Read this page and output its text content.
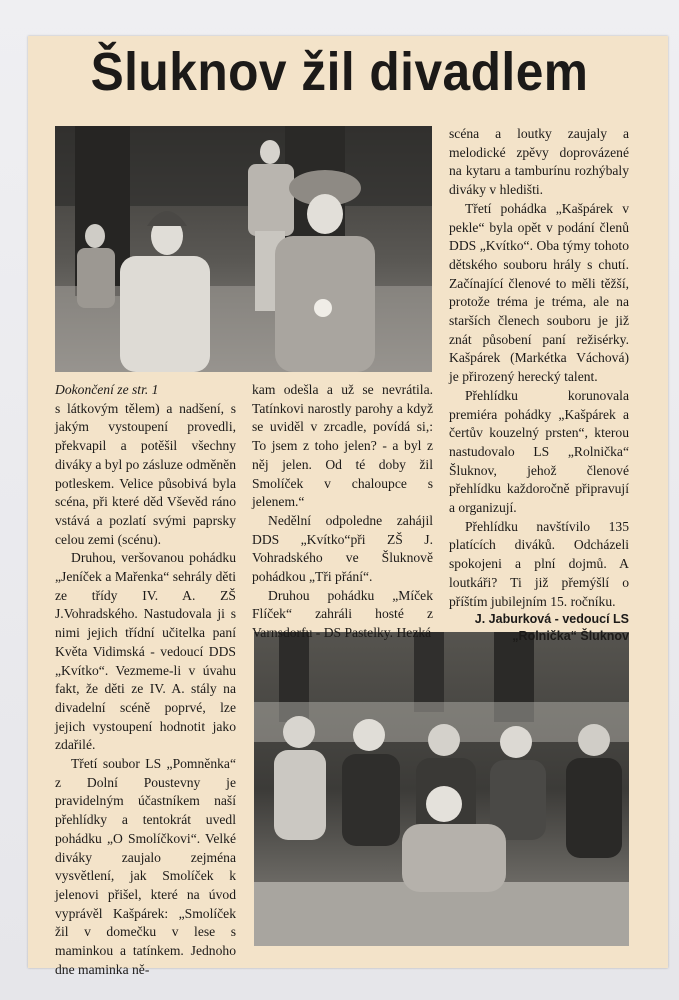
Šluknov žil divadlem

Dokončení ze str. 1

s látkovým tělem) a nadšení, s jakým vystoupení provedli, překvapil a potěšil všechny diváky a byl po zásluze odměněn potleskem. Velice působivá byla scéna, při které děd Vševěd ráno vstává a pozlatí svými paprsky celou zemi (scénu).

Druhou, veršovanou pohádku „Jeníček a Mařenka“ sehrály děti ze třídy IV. A. ZŠ J.Vohradského. Nastudovala ji s nimi jejich třídní učitelka paní Květa Vidimská - vedoucí DDS „Kvítko“. Vezmeme-li v úvahu fakt, že děti ze IV. A. stály na divadelní scéně poprvé, lze jejich vystoupení hodnotit jako zdařilé.

Třetí soubor LS „Pomněnka“ z Dolní Poustevny je pravidelným účastníkem naší přehlídky a tentokrát uvedl pohádku „O Smolíčkovi“. Velké diváky zaujalo zejména vysvětlení, jak Smolíček k jelenovi přišel, které na úvod vyprávěl Kašpárek: „Smolíček žil v domečku v lese s maminkou a tatínkem. Jednoho dne maminka ně-

kam odešla a už se nevrátila. Tatínkovi narostly parohy a když se uviděl v zrcadle, povídá si,: To jsem z toho jelen? - a byl z něj jelen. Od té doby žil Smolíček v chaloupce s jelenem.“

Nedělní odpoledne zahájil DDS „Kvítko“při ZŠ J. Vohradského ve Šluknově pohádkou „Tři přání“.

Druhou pohádku „Míček Flíček“ zahráli hosté z Varnsdorfu - DS Pastelky. Hezká

scéna a loutky zaujaly a melodické zpěvy doprovázené na kytaru a tamburínu rozhýbaly diváky v hledišti.

Třetí pohádka „Kašpárek v pekle“ byla opět v podání členů DDS „Kvítko“. Oba týmy tohoto dětského souboru hrály s chutí. Začínající členové to měli těžší, protože tréma je tréma, ale na starších členech souboru je již znát působení paní režisérky. Kašpárek (Markétka Váchová) je přirozený herecký talent.

Přehlídku korunovala premiéra pohádky „Kašpárek a čertův kouzelný prsten“, kterou nastudovalo LS „Rolnička“ Šluknov, jehož členové přehlídku každoročně připravují a organizují.

Přehlídku navštívilo 135 platících diváků. Odcházeli spokojeni a plní dojmů. A loutkáři? Ti již přemýšlí o příštím jubilejním 15. ročníku.

J. Jaburková - vedoucí LS
„Rolnička“ Šluknov
